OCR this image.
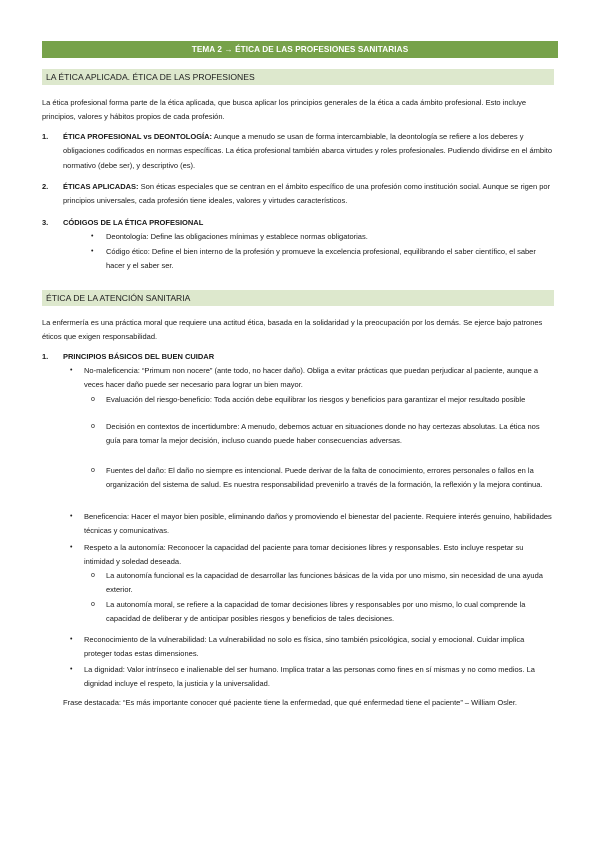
TEMA 2 → ÉTICA DE LAS PROFESIONES SANITARIAS
LA ÉTICA APLICADA. ÉTICA DE LAS PROFESIONES
La ética profesional forma parte de la ética aplicada, que busca aplicar los principios generales de la ética a cada ámbito profesional. Esto incluye principios, valores y hábitos propios de cada profesión.
1. ÉTICA PROFESIONAL vs DEONTOLOGÍA: Aunque a menudo se usan de forma intercambiable, la deontología se refiere a los deberes y obligaciones codificados en normas específicas. La ética profesional también abarca virtudes y roles profesionales. Pudiendo dividirse en el ámbito normativo (debe ser), y descriptivo (es).
2. ÉTICAS APLICADAS: Son éticas especiales que se centran en el ámbito específico de una profesión como institución social. Aunque se rigen por principios universales, cada profesión tiene ideales, valores y virtudes característicos.
3. CÓDIGOS DE LA ÉTICA PROFESIONAL
• Deontología: Define las obligaciones mínimas y establece normas obligatorias.
• Código ético: Define el bien interno de la profesión y promueve la excelencia profesional, equilibrando el saber científico, el saber hacer y el saber ser.
ÉTICA DE LA ATENCIÓN SANITARIA
La enfermería es una práctica moral que requiere una actitud ética, basada en la solidaridad y la preocupación por los demás. Se ejerce bajo patrones éticos que exigen responsabilidad.
1. PRINCIPIOS BÁSICOS DEL BUEN CUIDAR
• No-maleficencia: “Primum non nocere” (ante todo, no hacer daño). Obliga a evitar prácticas que puedan perjudicar al paciente, aunque a veces hacer daño puede ser necesario para lograr un bien mayor.
o Evaluación del riesgo-beneficio: Toda acción debe equilibrar los riesgos y beneficios para garantizar el mejor resultado posible
o Decisión en contextos de incertidumbre: A menudo, debemos actuar en situaciones donde no hay certezas absolutas. La ética nos guía para tomar la mejor decisión, incluso cuando puede haber consecuencias adversas.
o Fuentes del daño: El daño no siempre es intencional. Puede derivar de la falta de conocimiento, errores personales o fallos en la organización del sistema de salud. Es nuestra responsabilidad prevenirlo a través de la formación, la reflexión y la mejora continua.
• Beneficencia: Hacer el mayor bien posible, eliminando daños y promoviendo el bienestar del paciente. Requiere interés genuino, habilidades técnicas y comunicativas.
• Respeto a la autonomía: Reconocer la capacidad del paciente para tomar decisiones libres y responsables. Esto incluye respetar su intimidad y soledad deseada.
o La autonomía funcional es la capacidad de desarrollar las funciones básicas de la vida por uno mismo, sin necesidad de una ayuda exterior.
o La autonomía moral, se refiere a la capacidad de tomar decisiones libres y responsables por uno mismo, lo cual comprende la capacidad de deliberar y de anticipar posibles riesgos y beneficios de tales decisiones.
• Reconocimiento de la vulnerabilidad: La vulnerabilidad no solo es física, sino también psicológica, social y emocional. Cuidar implica proteger todas estas dimensiones.
• La dignidad: Valor intrínseco e inalienable del ser humano. Implica tratar a las personas como fines en sí mismas y no como medios. La dignidad incluye el respeto, la justicia y la universalidad.
Frase destacada: “Es más importante conocer qué paciente tiene la enfermedad, que qué enfermedad tiene el paciente” – William Osler.
